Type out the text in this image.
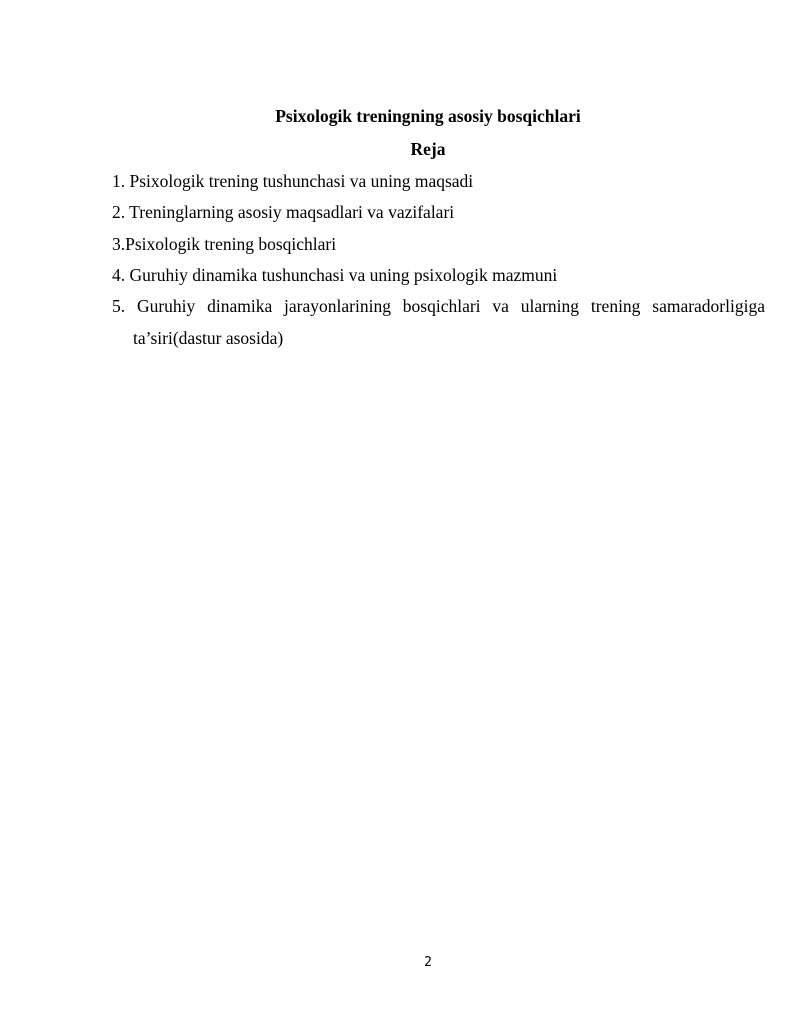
Psixologik treningning asosiy bosqichlari
Reja
1. Psixologik trening tushunchasi va uning maqsadi
2. Treninglarning asosiy maqsadlari va vazifalari
3.Psixologik trening bosqichlari
4. Guruhiy dinamika tushunchasi va uning psixologik mazmuni
5. Guruhiy dinamika jarayonlarining bosqichlari va ularning trening samaradorligiga ta’siri(dastur asosida)
2
